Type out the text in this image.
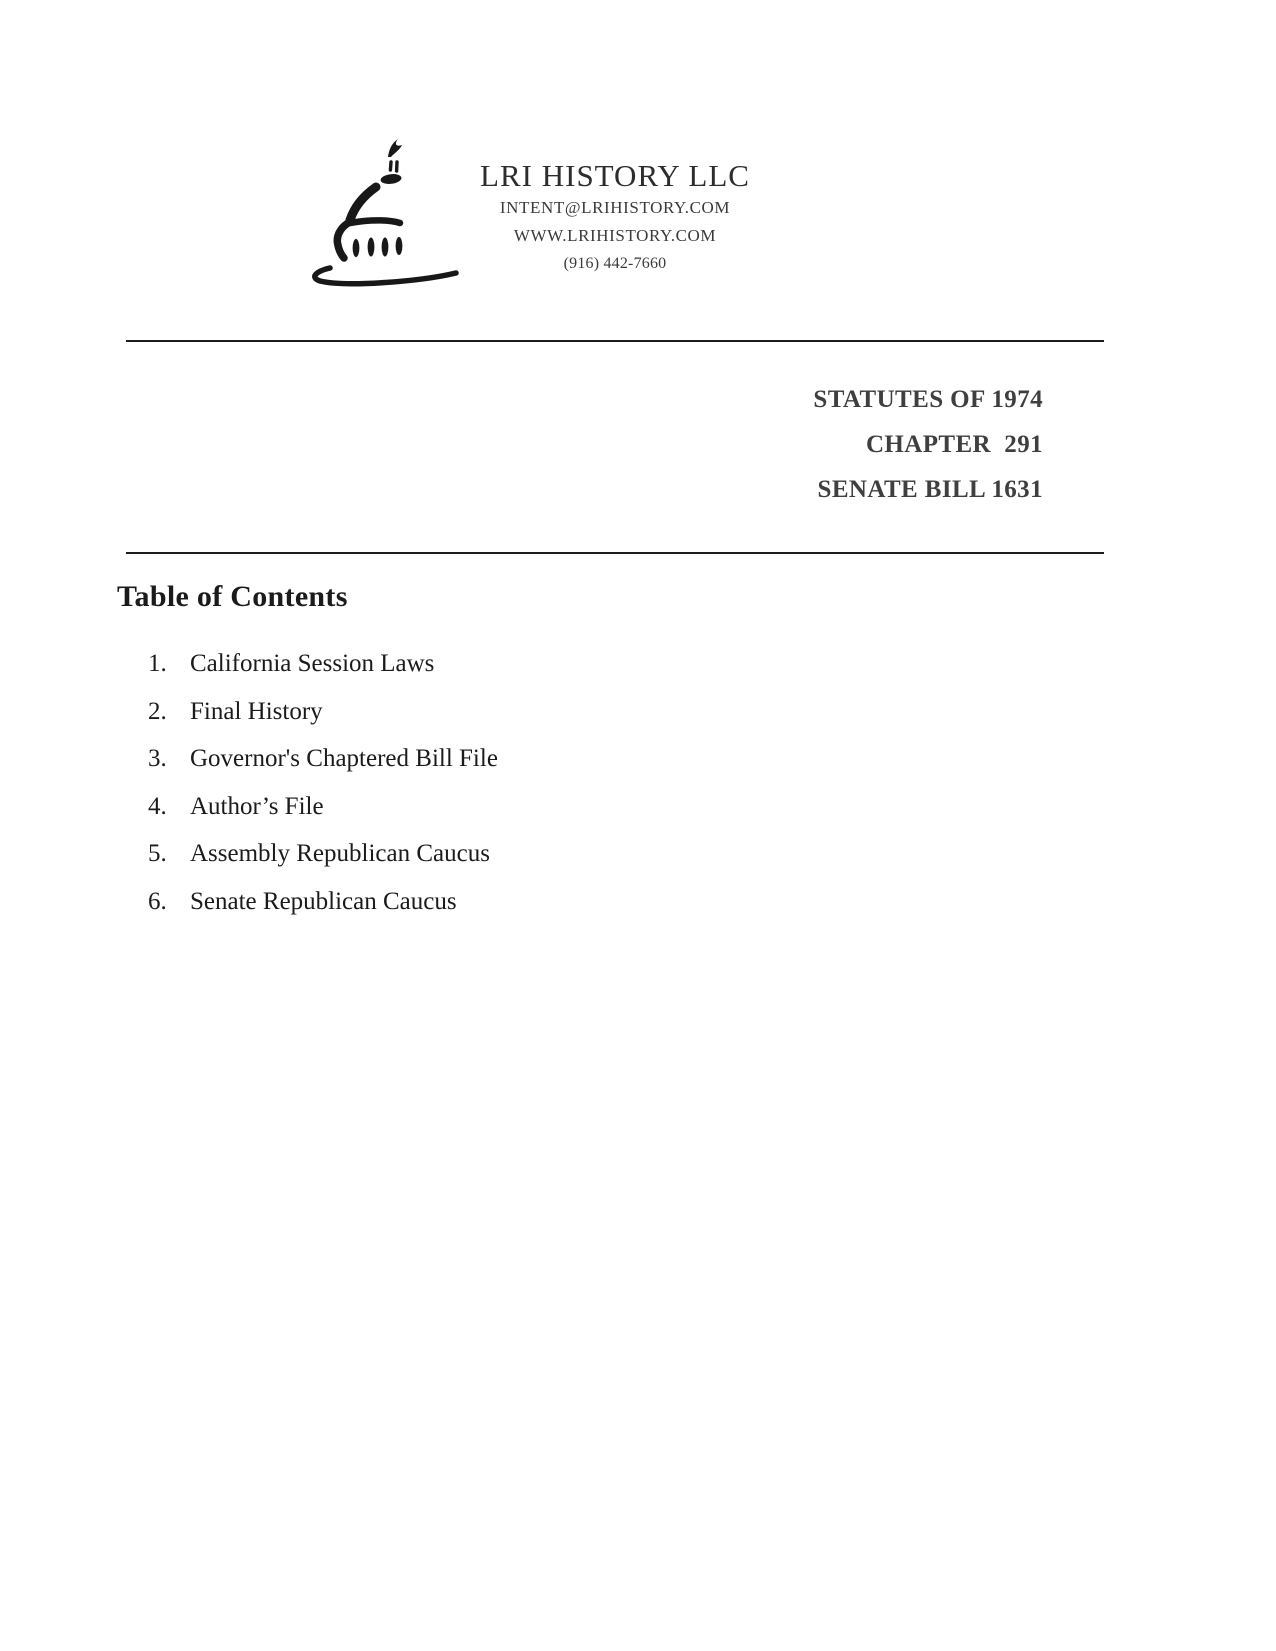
LRI HISTORY LLC
INTENT@LRIHISTORY.COM
WWW.LRIHISTORY.COM
(916) 442-7660
STATUTES OF 1974
CHAPTER  291
SENATE BILL 1631
Table of Contents
1. California Session Laws
2. Final History
3. Governor's Chaptered Bill File
4. Author’s File
5. Assembly Republican Caucus
6. Senate Republican Caucus
